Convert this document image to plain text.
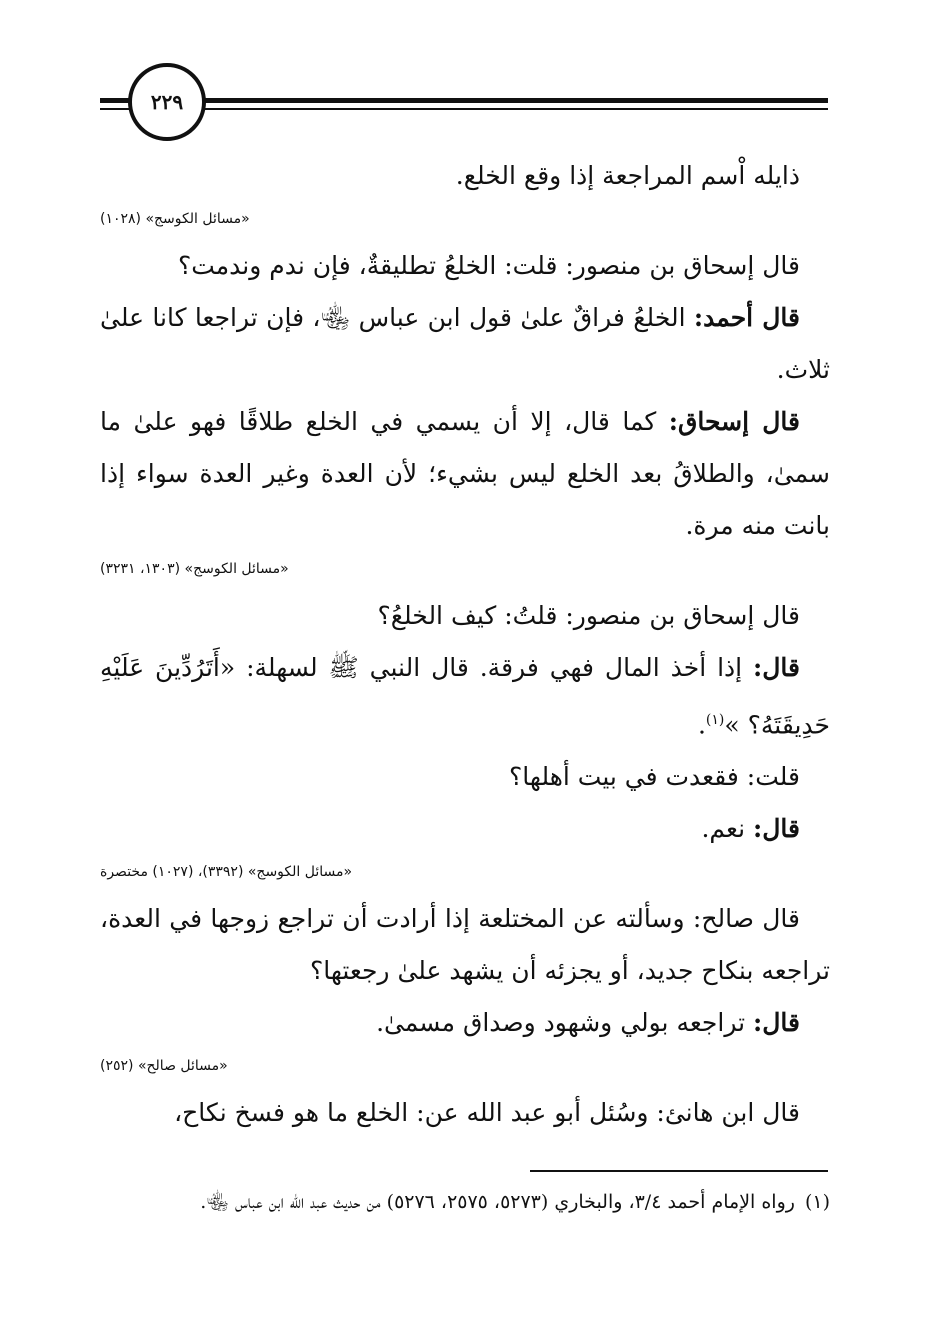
٢٢٩

ذايله اْسم المراجعة إذا وقع الخلع.

«مسائل الكوسج» (١٠٢٨)

قال إسحاق بن منصور: قلت: الخلعُ تطليقةٌ، فإن ندم وندمت؟

قال أحمد: الخلعُ فراقٌ علىٰ قول ابن عباس ﵄، فإن تراجعا كانا علىٰ ثلاث.

قال إسحاق: كما قال، إلا أن يسمي في الخلع طلاقًا فهو علىٰ ما سمىٰ، والطلاقُ بعد الخلع ليس بشيء؛ لأن العدة وغير العدة سواء إذا بانت منه مرة.

«مسائل الكوسج» (١٣٠٣، ٣٢٣١)

قال إسحاق بن منصور: قلتُ: كيف الخلعُ؟

قال: إذا أخذ المال فهي فرقة. قال النبي ﷺ لسهلة: «أَتَرُدِّينَ عَلَيْهِ حَدِيقَتَهُ؟ »$^{(١)}$.

قلت: فقعدت في بيت أهلها؟

قال: نعم.

«مسائل الكوسج» (٣٣٩٢)، (١٠٢٧) مختصرة

قال صالح: وسألته عن المختلعة إذا أرادت أن تراجع زوجها في العدة، تراجعه بنكاح جديد، أو يجزئه أن يشهد علىٰ رجعتها؟

قال: تراجعه بولي وشهود وصداق مسمىٰ.

«مسائل صالح» (٢٥٢)

قال ابن هانئ: وسُئل أبو عبد الله عن: الخلع ما هو فسخ نكاح،

(١)رواه الإمام أحمد ٣/٤، والبخاري (٥٢٧٣، ٢٥٧٥، ٥٢٧٦) من حديث عبد الله ابن عباس ﵄.
